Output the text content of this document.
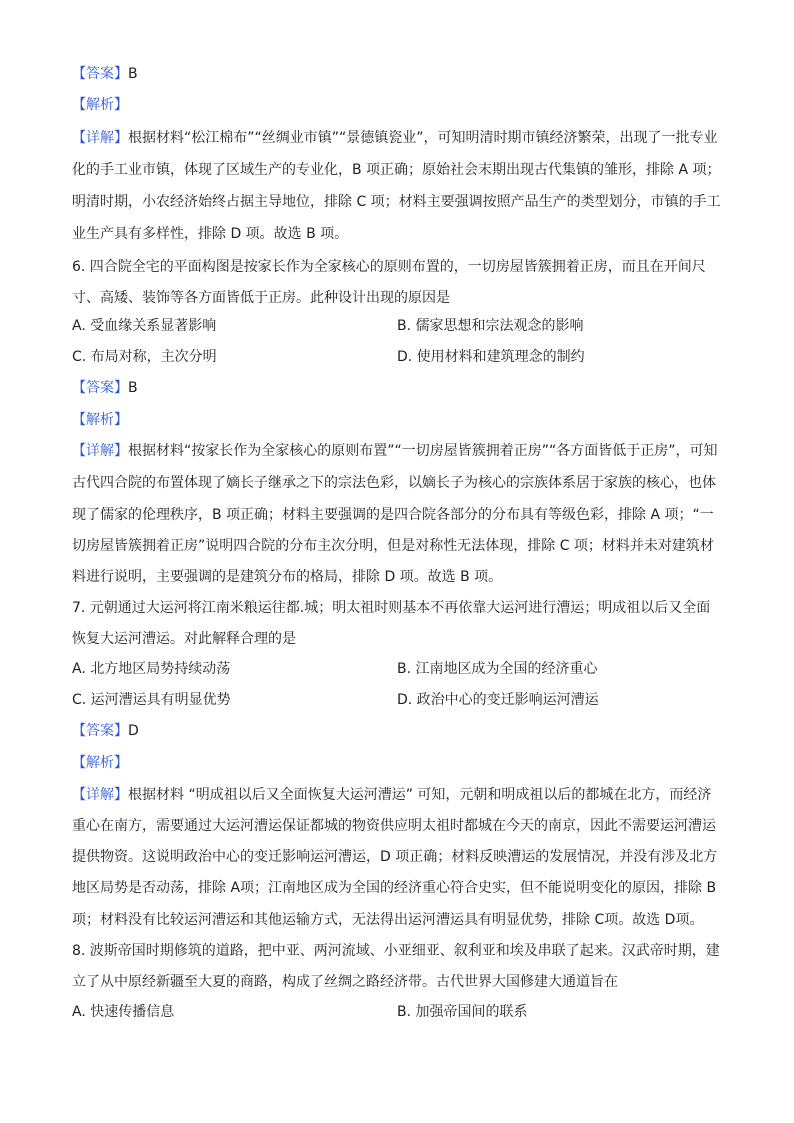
【答案】B
【解析】
【详解】根据材料“松江棉布”“丝绸业市镇”“景德镇瓷业”，可知明清时期市镇经济繁荣，出现了一批专业
化的手工业市镇，体现了区域生产的专业化，B 项正确；原始社会末期出现古代集镇的雏形，排除 A 项；
明清时期，小农经济始终占据主导地位，排除 C 项；材料主要强调按照产品生产的类型划分，市镇的手工
业生产具有多样性，排除 D 项。故选 B 项。
6. 四合院全宅的平面构图是按家长作为全家核心的原则布置的，一切房屋皆簇拥着正房，而且在开间尺
寸、高矮、装饰等各方面皆低于正房。此种设计出现的原因是
A. 受血缘关系显著影响	B. 儒家思想和宗法观念的影响
C. 布局对称，主次分明	D. 使用材料和建筑理念的制约
【答案】B
【解析】
【详解】根据材料“按家长作为全家核心的原则布置”“一切房屋皆簇拥着正房”“各方面皆低于正房”，可知
古代四合院的布置体现了嫡长子继承之下的宗法色彩，以嫡长子为核心的宗族体系居于家族的核心，也体
现了儒家的伦理秩序，B 项正确；材料主要强调的是四合院各部分的分布具有等级色彩，排除 A 项；“一
切房屋皆簇拥着正房”说明四合院的分布主次分明，但是对称性无法体现，排除 C 项；材料并未对建筑材
料进行说明，主要强调的是建筑分布的格局，排除 D 项。故选 B 项。
7. 元朝通过大运河将江南米粮运往都.城；明太祖时则基本不再依靠大运河进行漕运；明成祖以后又全面
恢复大运河漕运。对此解释合理的是
A. 北方地区局势持续动荡	B. 江南地区成为全国的经济重心
C. 运河漕运具有明显优势	D. 政治中心的变迁影响运河漕运
【答案】D
【解析】
【详解】根据材料 “明成祖以后又全面恢复大运河漕运” 可知，元朝和明成祖以后的都城在北方，而经济
重心在南方，需要通过大运河漕运保证都城的物资供应明太祖时都城在今天的南京，因此不需要运河漕运
提供物资。这说明政治中心的变迁影响运河漕运，D 项正确；材料反映漕运的发展情况，并没有涉及北方
地区局势是否动荡，排除 A项；江南地区成为全国的经济重心符合史实，但不能说明变化的原因，排除 B
项；材料没有比较运河漕运和其他运输方式，无法得出运河漕运具有明显优势，排除 C项。故选 D项。
8. 波斯帝国时期修筑的道路，把中亚、两河流域、小亚细亚、叙利亚和埃及串联了起来。汉武帝时期，建
立了从中原经新疆至大夏的商路，构成了丝绸之路经济带。古代世界大国修建大通道旨在
A. 快速传播信息	B. 加强帝国间的联系
